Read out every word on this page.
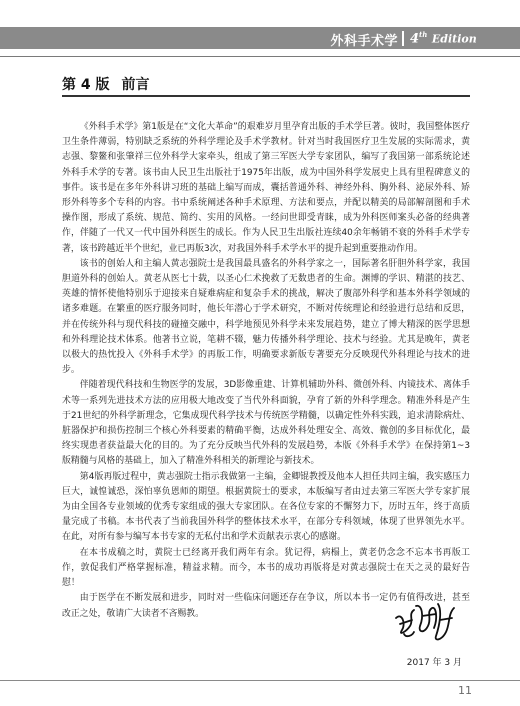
外科手术学 4th Edition
第 4 版 前言

《外科手术学》第1版是在“文化大革命”的艰难岁月里孕育出版的手术学巨著。彼时，我国整体医疗卫生条件薄弱，特别缺乏系统的外科学理论及手术学教材。针对当时我国医疗卫生发展的实际需求，黄志强、黎鳌和张肇祥三位外科学大家牵头，组成了第三军医大学专家团队，编写了我国第一部系统论述外科手术学的专著。该书由人民卫生出版社于1975年出版，成为中国外科学发展史上具有里程碑意义的事件。该书是在多年外科讲习班的基础上编写而成，囊括普通外科、神经外科、胸外科、泌尿外科、矫形外科等多个专科的内容。书中系统阐述各种手术原理、方法和要点，并配以精美的局部解剖图和手术操作图，形成了系统、规范、简约、实用的风格。一经问世即受青睐，成为外科医师案头必备的经典著作，伴随了一代又一代中国外科医生的成长。作为人民卫生出版社连续40余年畅销不衰的外科手术学专著，该书跨越近半个世纪，业已再版3次，对我国外科手术学水平的提升起到重要推动作用。

该书的创始人和主编人黄志强院士是我国最具盛名的外科学家之一，国际著名肝胆外科学家，我国胆道外科的创始人。黄老从医七十载，以圣心仁术挽救了无数患者的生命。渊博的学识、精湛的技艺、英雄的情怀使他特别乐于迎接来自疑难病症和复杂手术的挑战，解决了腹部外科学和基本外科学领域的诸多难题。在繁重的医疗服务同时，他长年潜心于学术研究，不断对传统理论和经验进行总结和反思，并在传统外科与现代科技的碰撞交融中，科学地预见外科学未来发展趋势，建立了博大精深的医学思想和外科理论技术体系。他著书立说，笔耕不辍，魅力传播外科学理论、技术与经验。尤其是晚年，黄老以极大的热忱投入《外科手术学》的再版工作，明确要求新版专著要充分反映现代外科理论与技术的进步。

伴随着现代科技和生物医学的发展，3D影像重建、计算机辅助外科、微创外科、内镜技术、离体手术等一系列先进技术方法的应用极大地改变了当代外科面貌，孕育了新的外科学理念。精准外科是产生于21世纪的外科学新理念，它集成现代科学技术与传统医学精髓，以确定性外科实践，追求清除病灶、脏器保护和损伤控制三个核心外科要素的精确平衡，达成外科处理安全、高效、微创的多目标优化，最终实现患者获益最大化的目的。为了充分反映当代外科的发展趋势，本版《外科手术学》在保持第1~3版精髓与风格的基础上，加入了精准外科相关的新理论与新技术。

第4版再版过程中，黄志强院士指示我做第一主编，金卿锟教授及他本人担任共同主编，我实感压力巨大，诚惶诚恐，深怕辜负恩师的期望。根据黄院士的要求，本版编写者由过去第三军医大学专家扩展为由全国各专业领域的优秀专家组成的强大专家团队。在各位专家的不懈努力下，历时五年，终于高质量完成了书稿。本书代表了当前我国外科学的整体技术水平，在部分专科领域，体现了世界领先水平。在此，对所有参与编写本书专家的无私付出和学术贡献表示衷心的感谢。

在本书成稿之时，黄院士已经离开我们两年有余。犹记得，病榻上，黄老仍念念不忘本书再版工作，敦促我们严格掌握标准，精益求精。而今，本书的成功再版将是对黄志强院士在天之灵的最好告慰！

由于医学在不断发展和进步，同时对一些临床问题还存在争议，所以本书一定仍有值得改进，甚至改正之处，敬请广大读者不吝赐教。

2017 年 3 月
11
